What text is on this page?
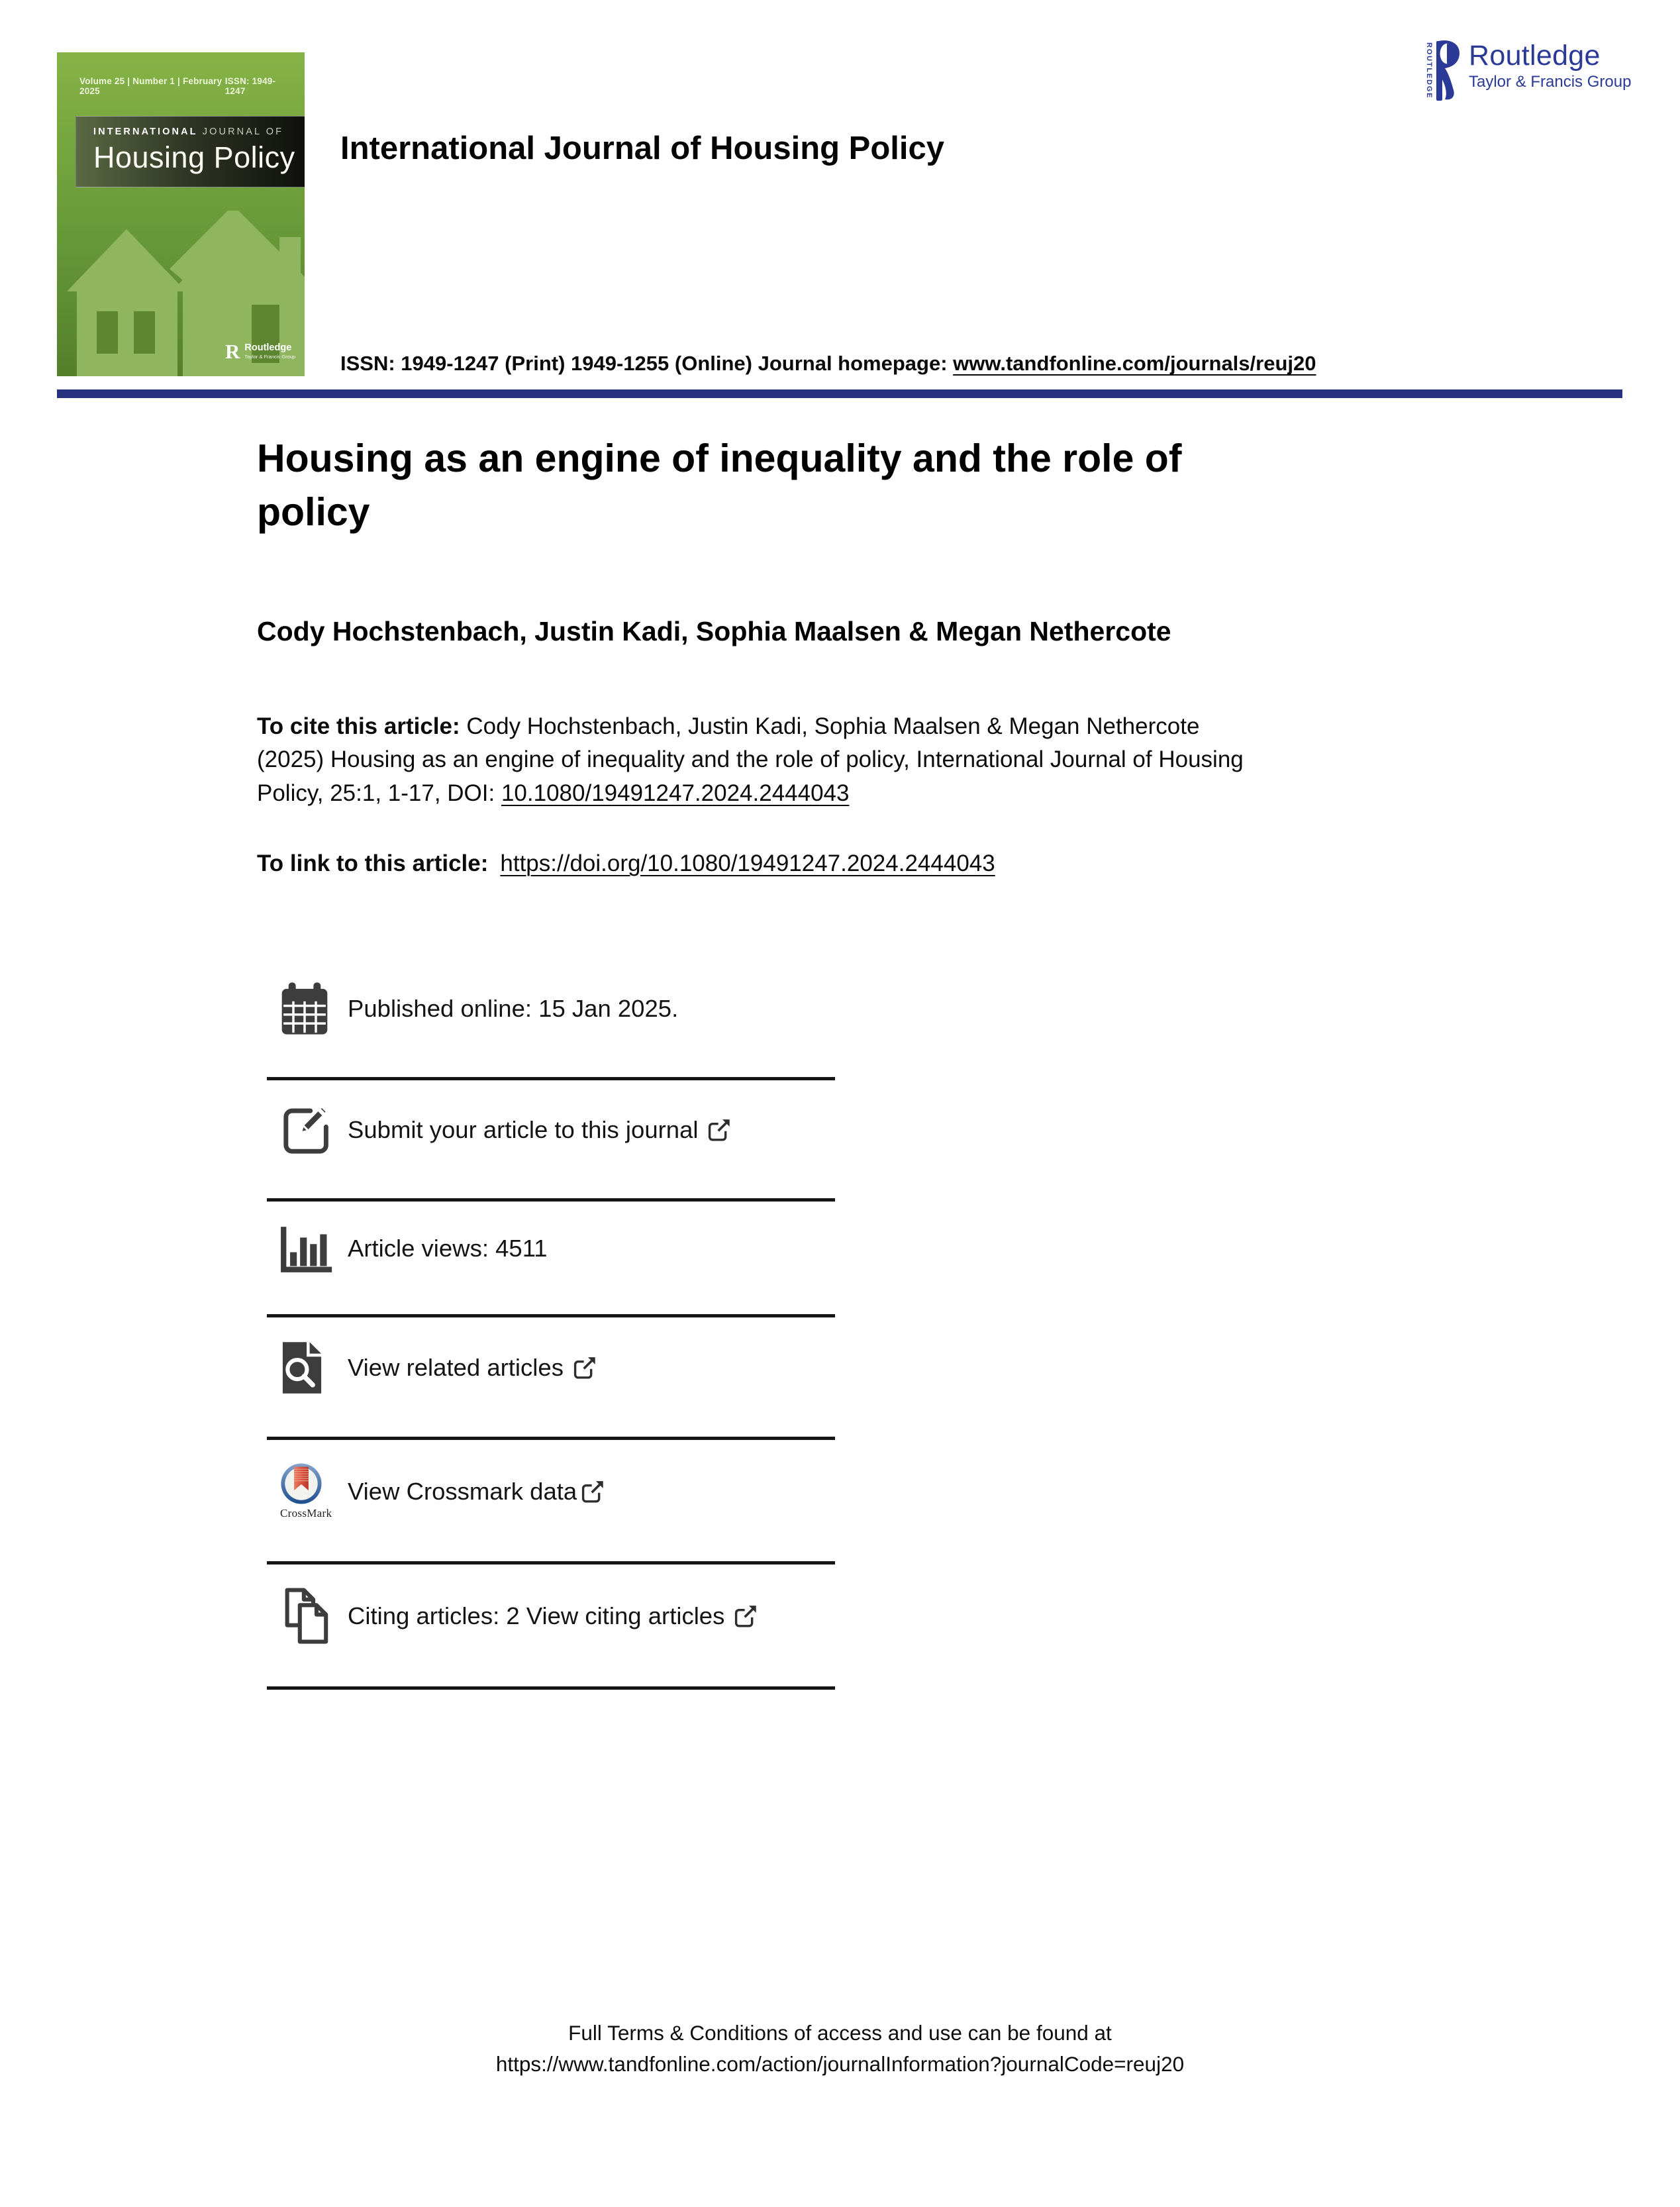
Volume 25 | Number 1 | February 2025
ISSN: 1949-1247
INTERNATIONAL JOURNAL OF
Housing Policy
R Routledge
Taylor & Francis Group
International Journal of Housing Policy

ISSN: 1949-1247 (Print) 1949-1255 (Online) Journal homepage: www.tandfonline.com/journals/reuj20

ROUTLEDGE Routledge
Taylor & Francis Group
Housing as an engine of inequality and the role of
policy
Cody Hochstenbach, Justin Kadi, Sophia Maalsen & Megan Nethercote

To cite this article: Cody Hochstenbach, Justin Kadi, Sophia Maalsen & Megan Nethercote (2025) Housing as an engine of inequality and the role of policy, International Journal of Housing Policy, 25:1, 1-17, DOI: 10.1080/19491247.2024.2444043

To link to this article: https://doi.org/10.1080/19491247.2024.2444043

Published online: 15 Jan 2025.
Submit your article to this journal
Article views: 4511
View related articles
CrossMark
View Crossmark data
Citing articles: 2 View citing articles
Full Terms & Conditions of access and use can be found at
https://www.tandfonline.com/action/journalInformation?journalCode=reuj20
